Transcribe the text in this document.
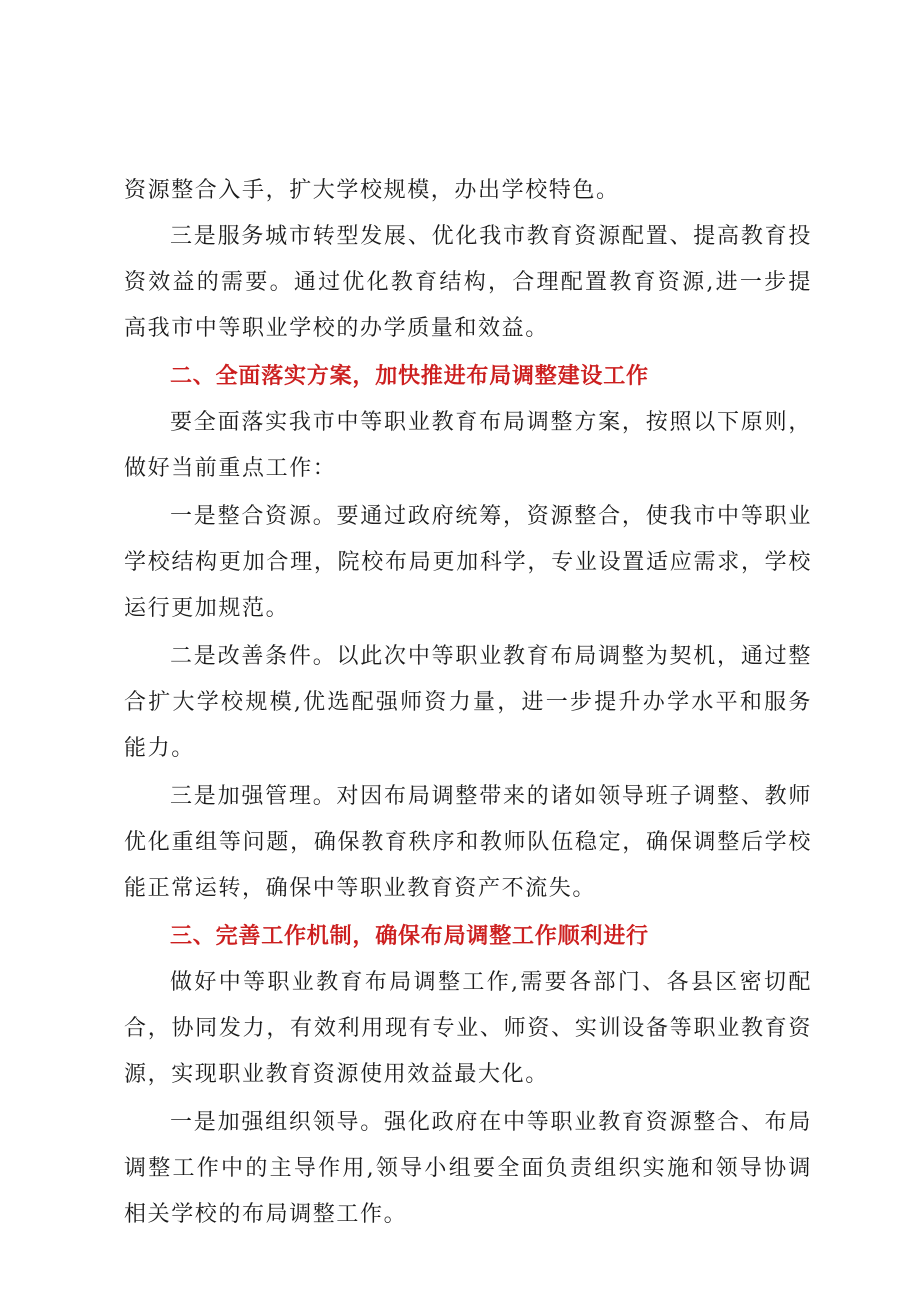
资源整合入手，扩大学校规模，办出学校特色。

三是服务城市转型发展、优化我市教育资源配置、提高教育投资效益的需要。通过优化教育结构，合理配置教育资源,进一步提高我市中等职业学校的办学质量和效益。

二、全面落实方案，加快推进布局调整建设工作

要全面落实我市中等职业教育布局调整方案，按照以下原则，做好当前重点工作：

一是整合资源。要通过政府统筹，资源整合，使我市中等职业学校结构更加合理，院校布局更加科学，专业设置适应需求，学校运行更加规范。

二是改善条件。以此次中等职业教育布局调整为契机，通过整合扩大学校规模,优选配强师资力量，进一步提升办学水平和服务能力。

三是加强管理。对因布局调整带来的诸如领导班子调整、教师优化重组等问题，确保教育秩序和教师队伍稳定，确保调整后学校能正常运转，确保中等职业教育资产不流失。

三、完善工作机制，确保布局调整工作顺利进行

做好中等职业教育布局调整工作,需要各部门、各县区密切配合，协同发力，有效利用现有专业、师资、实训设备等职业教育资源，实现职业教育资源使用效益最大化。

一是加强组织领导。强化政府在中等职业教育资源整合、布局调整工作中的主导作用,领导小组要全面负责组织实施和领导协调相关学校的布局调整工作。
